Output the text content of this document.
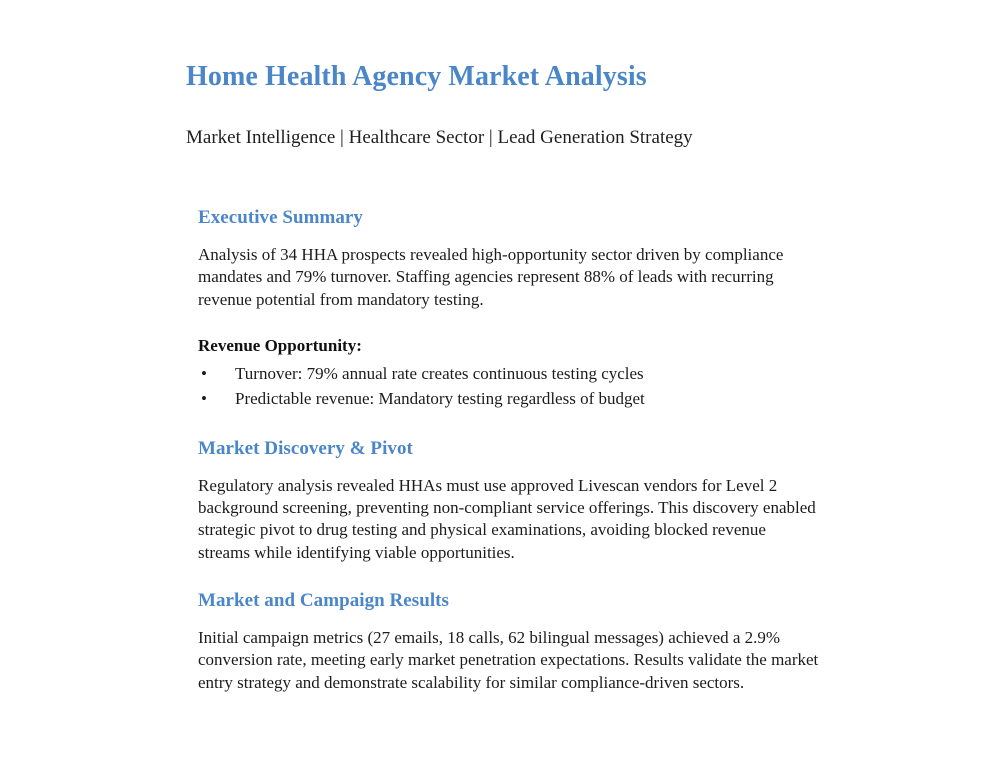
Home Health Agency Market Analysis

Market Intelligence | Healthcare Sector | Lead Generation Strategy

Executive Summary

Analysis of 34 HHA prospects revealed high-opportunity sector driven by compliance mandates and 79% turnover. Staffing agencies represent 88% of leads with recurring revenue potential from mandatory testing.

Revenue Opportunity:

•	Turnover: 79% annual rate creates continuous testing cycles
•	Predictable revenue: Mandatory testing regardless of budget
Market Discovery & Pivot

Regulatory analysis revealed HHAs must use approved Livescan vendors for Level 2 background screening, preventing non-compliant service offerings. This discovery enabled strategic pivot to drug testing and physical examinations, avoiding blocked revenue streams while identifying viable opportunities.

Market and Campaign Results

Initial campaign metrics (27 emails, 18 calls, 62 bilingual messages) achieved a 2.9% conversion rate, meeting early market penetration expectations. Results validate the market entry strategy and demonstrate scalability for similar compliance-driven sectors.
